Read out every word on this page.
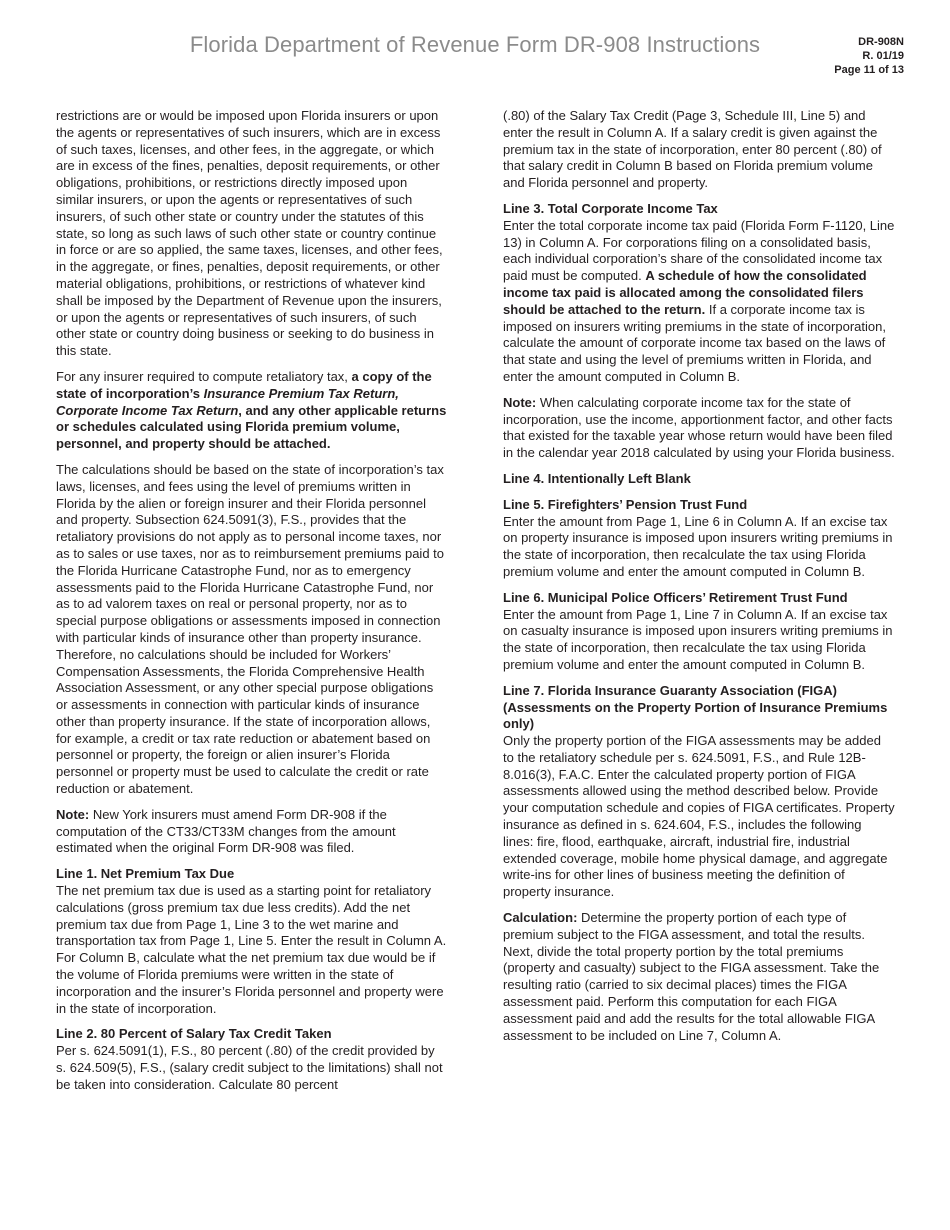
Florida Department of Revenue Form DR-908 Instructions	DR-908N
R. 01/19
Page 11 of 13

restrictions are or would be imposed upon Florida insurers or upon the agents or representatives of such insurers, which are in excess of such taxes, licenses, and other fees, in the aggregate, or which are in excess of the fines, penalties, deposit requirements, or other obligations, prohibitions, or restrictions directly imposed upon similar insurers, or upon the agents or representatives of such insurers, of such other state or country under the statutes of this state, so long as such laws of such other state or country continue in force or are so applied, the same taxes, licenses, and other fees, in the aggregate, or fines, penalties, deposit requirements, or other material obligations, prohibitions, or restrictions of whatever kind shall be imposed by the Department of Revenue upon the insurers, or upon the agents or representatives of such insurers, of such other state or country doing business or seeking to do business in this state.

For any insurer required to compute retaliatory tax, a copy of the state of incorporation’s Insurance Premium Tax Return, Corporate Income Tax Return, and any other applicable returns or schedules calculated using Florida premium volume, personnel, and property should be attached.

The calculations should be based on the state of incorporation’s tax laws, licenses, and fees using the level of premiums written in Florida by the alien or foreign insurer and their Florida personnel and property. Subsection 624.5091(3), F.S., provides that the retaliatory provisions do not apply as to personal income taxes, nor as to sales or use taxes, nor as to reimbursement premiums paid to the Florida Hurricane Catastrophe Fund, nor as to emergency assessments paid to the Florida Hurricane Catastrophe Fund, nor as to ad valorem taxes on real or personal property, nor as to special purpose obligations or assessments imposed in connection with particular kinds of insurance other than property insurance. Therefore, no calculations should be included for Workers’ Compensation Assessments, the Florida Comprehensive Health Association Assessment, or any other special purpose obligations or assessments in connection with particular kinds of insurance other than property insurance. If the state of incorporation allows, for example, a credit or tax rate reduction or abatement based on personnel or property, the foreign or alien insurer’s Florida personnel or property must be used to calculate the credit or rate reduction or abatement.

Note: New York insurers must amend Form DR-908 if the computation of the CT33/CT33M changes from the amount estimated when the original Form DR-908 was filed.

Line 1. Net Premium Tax Due
The net premium tax due is used as a starting point for retaliatory calculations (gross premium tax due less credits). Add the net premium tax due from Page 1, Line 3 to the wet marine and transportation tax from Page 1, Line 5. Enter the result in Column A. For Column B, calculate what the net premium tax due would be if the volume of Florida premiums were written in the state of incorporation and the insurer’s Florida personnel and property were in the state of incorporation.

Line 2. 80 Percent of Salary Tax Credit Taken
Per s. 624.5091(1), F.S., 80 percent (.80) of the credit provided by s. 624.509(5), F.S., (salary credit subject to the limitations) shall not be taken into consideration. Calculate 80 percent

(.80) of the Salary Tax Credit (Page 3, Schedule III, Line 5) and enter the result in Column A. If a salary credit is given against the premium tax in the state of incorporation, enter 80 percent (.80) of that salary credit in Column B based on Florida premium volume and Florida personnel and property.

Line 3. Total Corporate Income Tax
Enter the total corporate income tax paid (Florida Form F-1120, Line 13) in Column A. For corporations filing on a consolidated basis, each individual corporation’s share of the consolidated income tax paid must be computed. A schedule of how the consolidated income tax paid is allocated among the consolidated filers should be attached to the return. If a corporate income tax is imposed on insurers writing premiums in the state of incorporation, calculate the amount of corporate income tax based on the laws of that state and using the level of premiums written in Florida, and enter the amount computed in Column B.

Note: When calculating corporate income tax for the state of incorporation, use the income, apportionment factor, and other facts that existed for the taxable year whose return would have been filed in the calendar year 2018 calculated by using your Florida business.

Line 4. Intentionally Left Blank

Line 5. Firefighters’ Pension Trust Fund
Enter the amount from Page 1, Line 6 in Column A. If an excise tax on property insurance is imposed upon insurers writing premiums in the state of incorporation, then recalculate the tax using Florida premium volume and enter the amount computed in Column B.

Line 6. Municipal Police Officers’ Retirement Trust Fund
Enter the amount from Page 1, Line 7 in Column A. If an excise tax on casualty insurance is imposed upon insurers writing premiums in the state of incorporation, then recalculate the tax using Florida premium volume and enter the amount computed in Column B.

Line 7. Florida Insurance Guaranty Association (FIGA) (Assessments on the Property Portion of Insurance Premiums only)
Only the property portion of the FIGA assessments may be added to the retaliatory schedule per s. 624.5091, F.S., and Rule 12B-8.016(3), F.A.C. Enter the calculated property portion of FIGA assessments allowed using the method described below. Provide your computation schedule and copies of FIGA certificates. Property insurance as defined in s. 624.604, F.S., includes the following lines: fire, flood, earthquake, aircraft, industrial fire, industrial extended coverage, mobile home physical damage, and aggregate write-ins for other lines of business meeting the definition of property insurance.

Calculation: Determine the property portion of each type of premium subject to the FIGA assessment, and total the results. Next, divide the total property portion by the total premiums (property and casualty) subject to the FIGA assessment. Take the resulting ratio (carried to six decimal places) times the FIGA assessment paid. Perform this computation for each FIGA assessment paid and add the results for the total allowable FIGA assessment to be included on Line 7, Column A.
